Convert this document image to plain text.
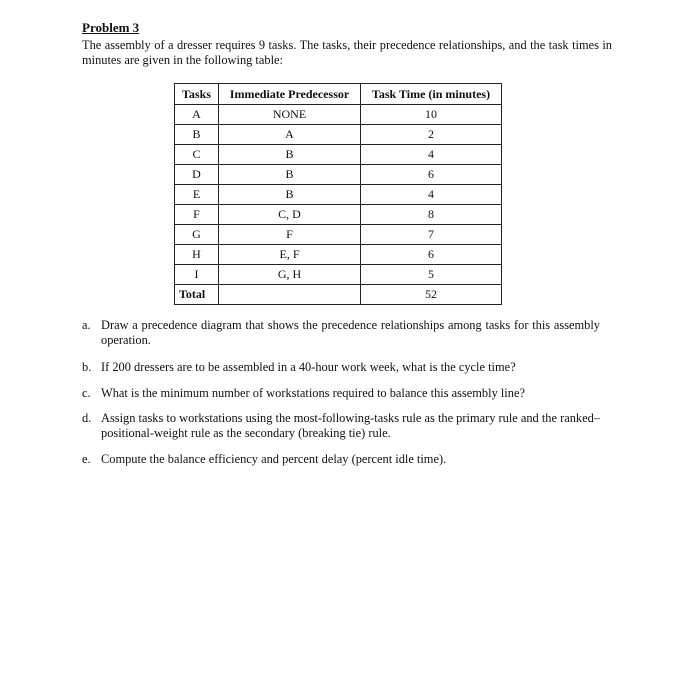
Problem 3

The assembly of a dresser requires 9 tasks. The tasks, their precedence relationships, and the task times in minutes are given in the following table:

Tasks	Immediate Predecessor	Task Time (in minutes)
A	NONE	10
B	A	2
C	B	4
D	B	6
E	B	4
F	C, D	8
G	F	7
H	E, F	6
I	G, H	5
Total		52
a. Draw a precedence diagram that shows the precedence relationships among tasks for this assembly operation.
b. If 200 dressers are to be assembled in a 40-hour work week, what is the cycle time?
c. What is the minimum number of workstations required to balance this assembly line?
d. Assign tasks to workstations using the most-following-tasks rule as the primary rule and the ranked–positional-weight rule as the secondary (breaking tie) rule.
e. Compute the balance efficiency and percent delay (percent idle time).
